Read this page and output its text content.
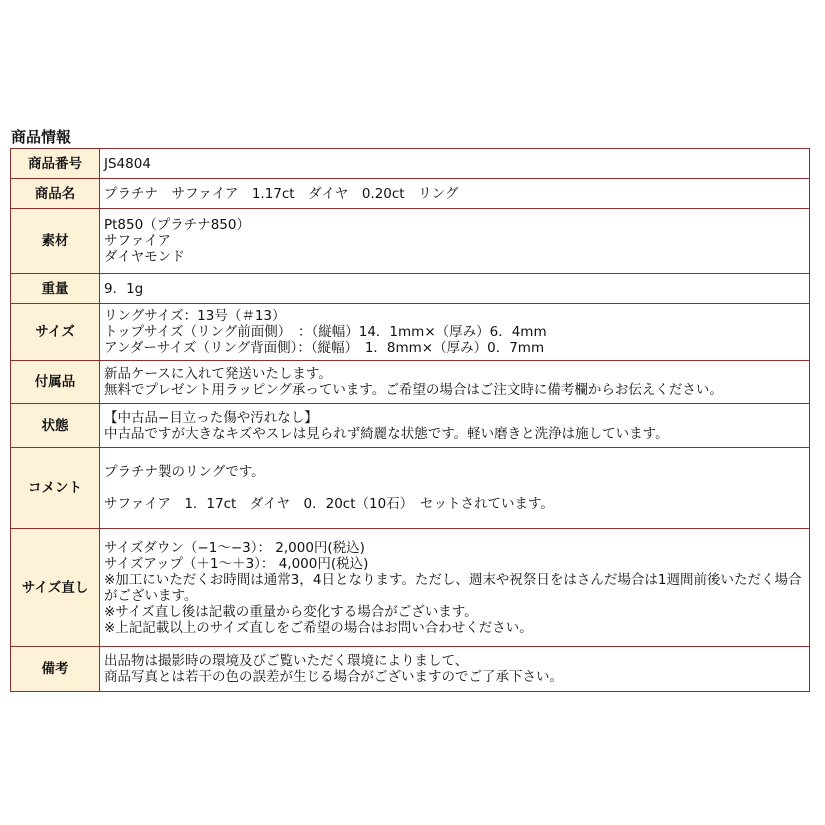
商品情報
商品番号	JS4804

商品名	プラチナ　サファイア　1.17ct　ダイヤ　0.20ct　リング

素材	Pt850（プラチナ850）
サファイア
ダイヤモンド

重量	9．1g

サイズ	リングサイズ：13号（＃13）
トップサイズ（リング前面側）　：（縦幅）14．1mm×（厚み）6．4mm
アンダーサイズ（リング背面側）：（縦幅）　1．8mm×（厚み）0．7mm

付属品	新品ケースに入れて発送いたします。
無料でプレゼント用ラッピング承っています。ご希望の場合はご注文時に備考欄からお伝えください。

状態	【中古品−目立った傷や汚れなし】
中古品ですが大きなキズやスレは見られず綺麗な状態です。軽い磨きと洗浄は施しています。

コメント	プラチナ製のリングです。
サファイア　1．17ct　ダイヤ　0．20ct（10石）　セットされています。

サイズ直し	サイズダウン（−1〜−3）： 2,000円(税込)
サイズアップ（＋1〜＋3）： 4,000円(税込)
※加工にいただくお時間は通常3，4日となります。ただし、週末や祝祭日をはさんだ場合は1週間前後いただく場合がございます。
※サイズ直し後は記載の重量から変化する場合がございます。
※上記記載以上のサイズ直しをご希望の場合はお問い合わせください。

備考	出品物は撮影時の環境及びご覧いただく環境によりまして、
商品写真とは若干の色の誤差が生じる場合がございますのでご了承下さい。
